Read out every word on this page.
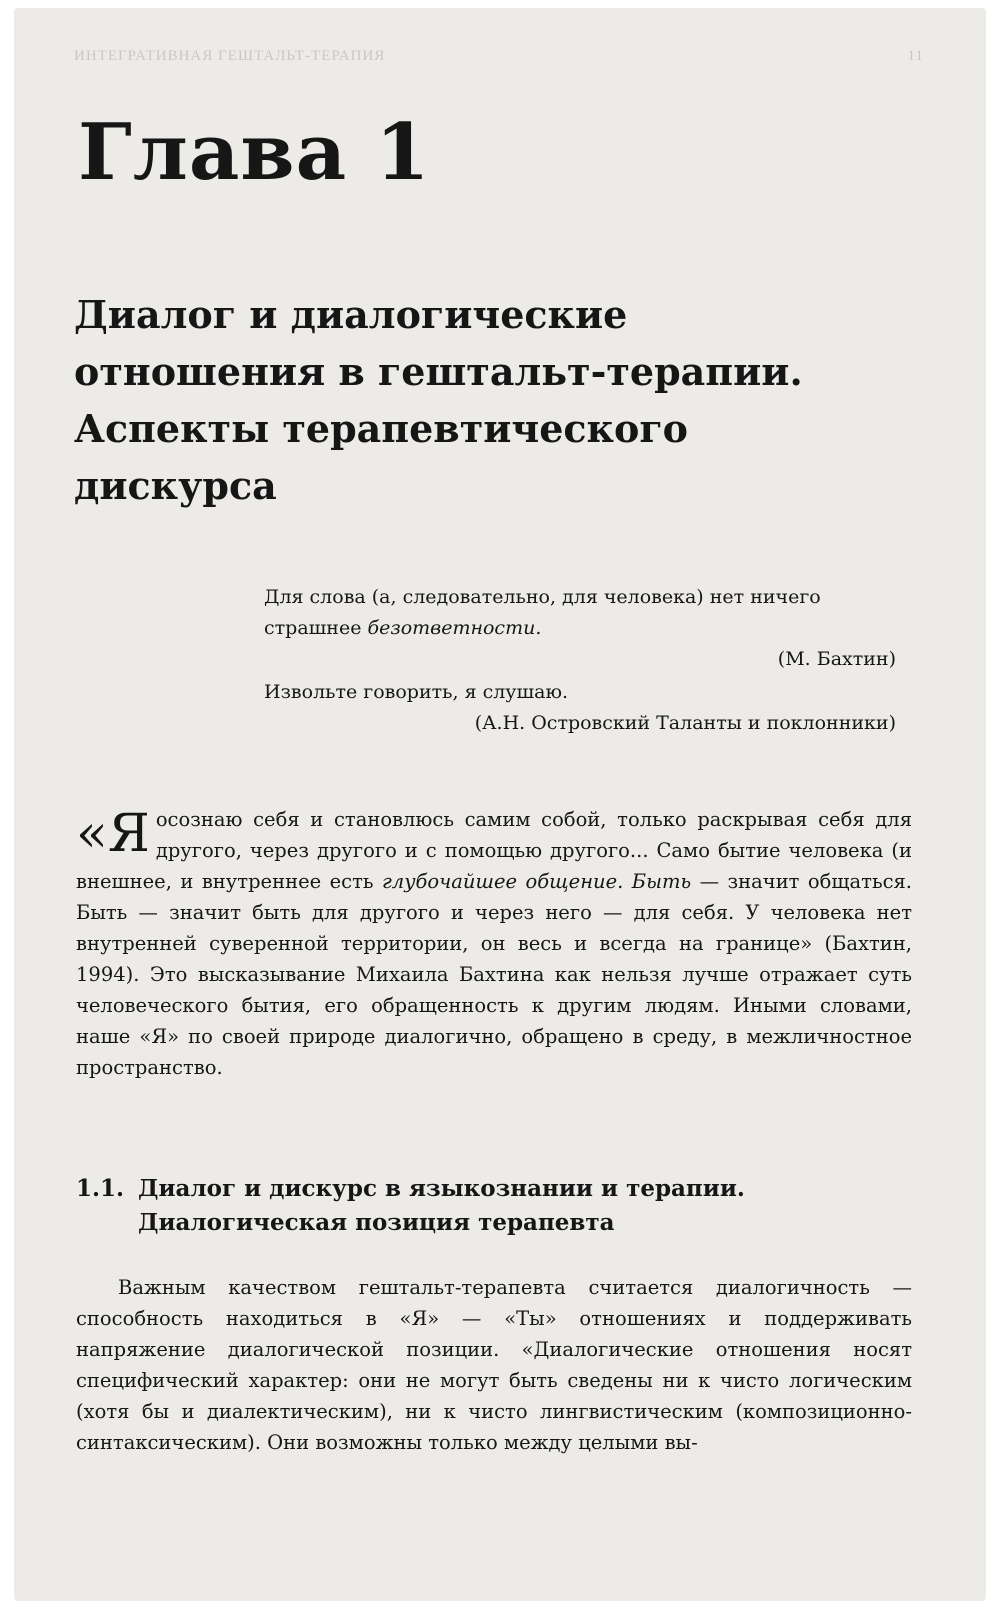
ИНТЕГРАТИВНАЯ ГЕШТАЛЬТ-ТЕРАПИЯ	11
Глава 1
Диалог и диалогические
отношения в гештальт-терапии.
Аспекты терапевтического
дискурса

Для слова (а, следовательно, для человека) нет ничего страшнее безответности.

(М. Бахтин)

Извольте говорить, я слушаю.

(А.Н. Островский Таланты и поклонники)

«Я осознаю себя и становлюсь самим собой, только раскрывая себя для другого, через другого и с помощью другого... Само бытие человека (и внешнее, и внутреннее есть глубочайшее общение. Быть — значит общаться. Быть — значит быть для другого и через него — для себя. У человека нет внутренней суверенной территории, он весь и всегда на границе» (Бахтин, 1994). Это высказывание Михаила Бахтина как нельзя лучше отражает суть человеческого бытия, его обращенность к другим людям. Иными словами, наше «Я» по своей природе диалогично, обращено в среду, в межличностное пространство.

1.1. Диалог и дискурс в языкознании и терапии.
Диалогическая позиция терапевта

Важным качеством гештальт-терапевта считается диалогичность — способность находиться в «Я» — «Ты» отношениях и поддерживать напряжение диалогической позиции. «Диалогические отношения носят специфический характер: они не могут быть сведены ни к чисто логическим (хотя бы и диалектическим), ни к чисто лингвистическим (композиционно-синтаксическим). Они возможны только между целыми вы-
